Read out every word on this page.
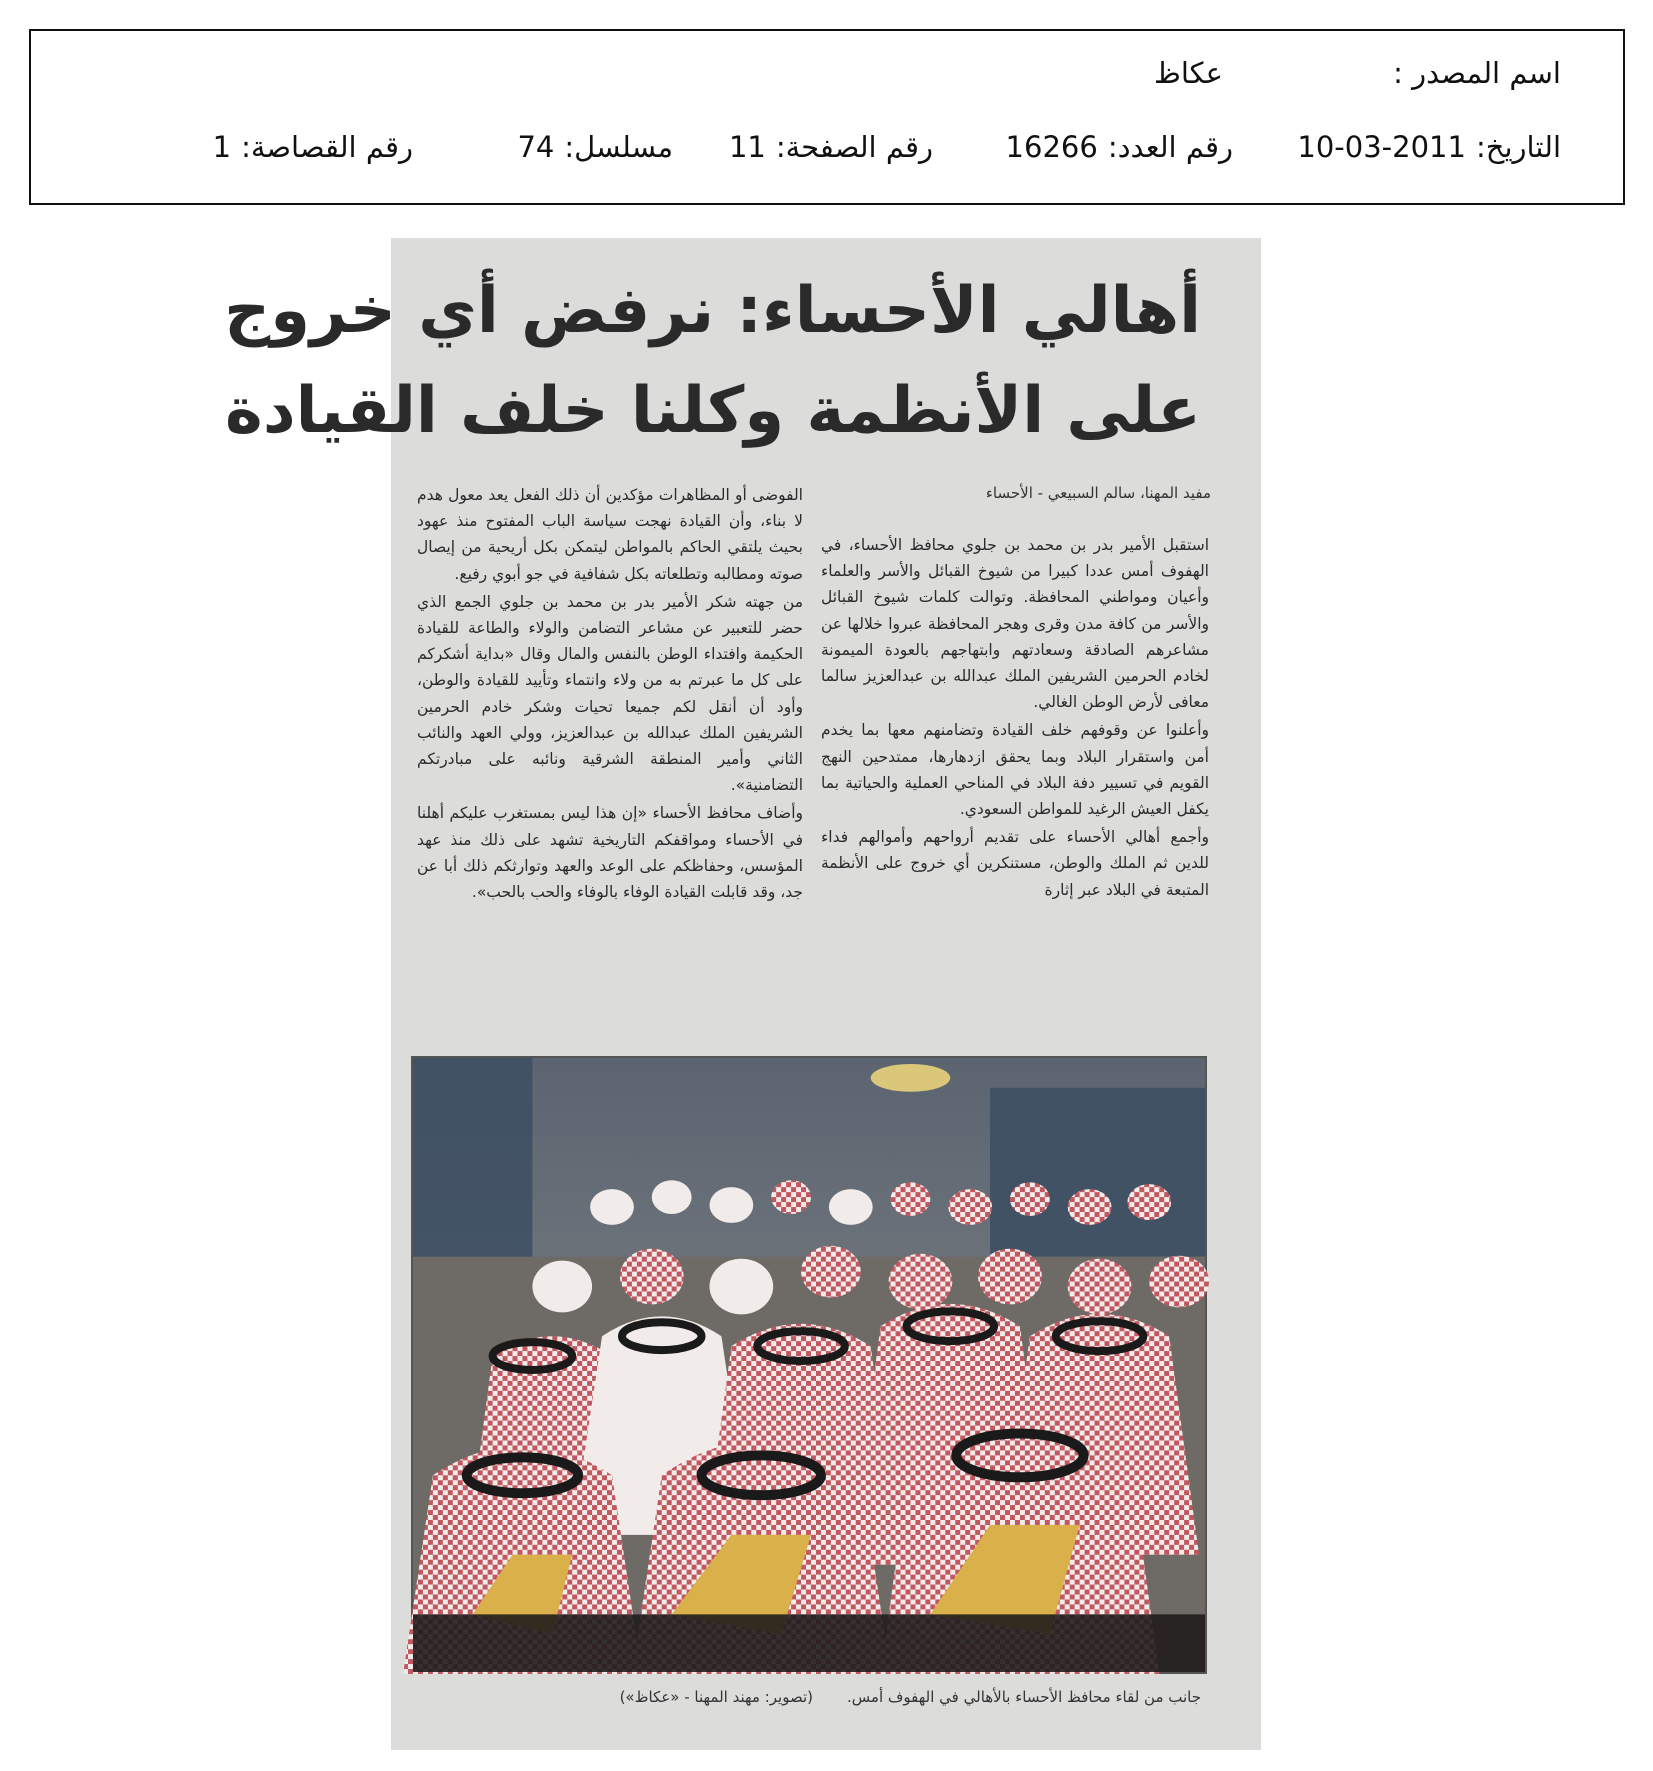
اسم المصدر :
عكاظ
التاريخ:2011-03-10
رقم العدد:16266
رقم الصفحة:11
مسلسل:74
رقم القصاصة:1
أهالي الأحساء: نرفض أي خروج
على الأنظمة وكلنا خلف القيادة
مفيد المهنا، سالم السبيعي - الأحساء

استقبل الأمير بدر بن محمد بن جلوي محافظ الأحساء، في الهفوف أمس عددا كبيرا من شيوخ القبائل والأسر والعلماء وأعيان ومواطني المحافظة. وتوالت كلمات شيوخ القبائل والأسر من كافة مدن وقرى وهجر المحافظة عبروا خلالها عن مشاعرهم الصادقة وسعادتهم وابتهاجهم بالعودة الميمونة لخادم الحرمين الشريفين الملك عبدالله بن عبدالعزيز سالما معافى لأرض الوطن الغالي.

وأعلنوا عن وقوفهم خلف القيادة وتضامنهم معها بما يخدم أمن واستقرار البلاد وبما يحقق ازدهارها، ممتدحين النهج القويم في تسيير دفة البلاد في المناحي العملية والحياتية بما يكفل العيش الرغيد للمواطن السعودي.

وأجمع أهالي الأحساء على تقديم أرواحهم وأموالهم فداء للدين ثم الملك والوطن، مستنكرين أي خروج على الأنظمة المتبعة في البلاد عبر إثارة

الفوضى أو المظاهرات مؤكدين أن ذلك الفعل يعد معول هدم لا بناء، وأن القيادة نهجت سياسة الباب المفتوح منذ عهود بحيث يلتقي الحاكم بالمواطن ليتمكن بكل أريحية من إيصال صوته ومطالبه وتطلعاته بكل شفافية في جو أبوي رفيع.

من جهته شكر الأمير بدر بن محمد بن جلوي الجمع الذي حضر للتعبير عن مشاعر التضامن والولاء والطاعة للقيادة الحكيمة وافتداء الوطن بالنفس والمال وقال «بداية أشكركم على كل ما عبرتم به من ولاء وانتماء وتأييد للقيادة والوطن، وأود أن أنقل لكم جميعا تحيات وشكر خادم الحرمين الشريفين الملك عبدالله بن عبدالعزيز، وولي العهد والنائب الثاني وأمير المنطقة الشرقية ونائبه على مبادرتكم التضامنية».

وأضاف محافظ الأحساء «إن هذا ليس بمستغرب عليكم أهلنا في الأحساء ومواقفكم التاريخية تشهد على ذلك منذ عهد المؤسس، وحفاظكم على الوعد والعهد وتوارثكم ذلك أبا عن جد، وقد قابلت القيادة الوفاء بالوفاء والحب بالحب».

جانب من لقاء محافظ الأحساء بالأهالي في الهفوف أمس.(تصوير: مهند المهنا - «عكاظ»)
